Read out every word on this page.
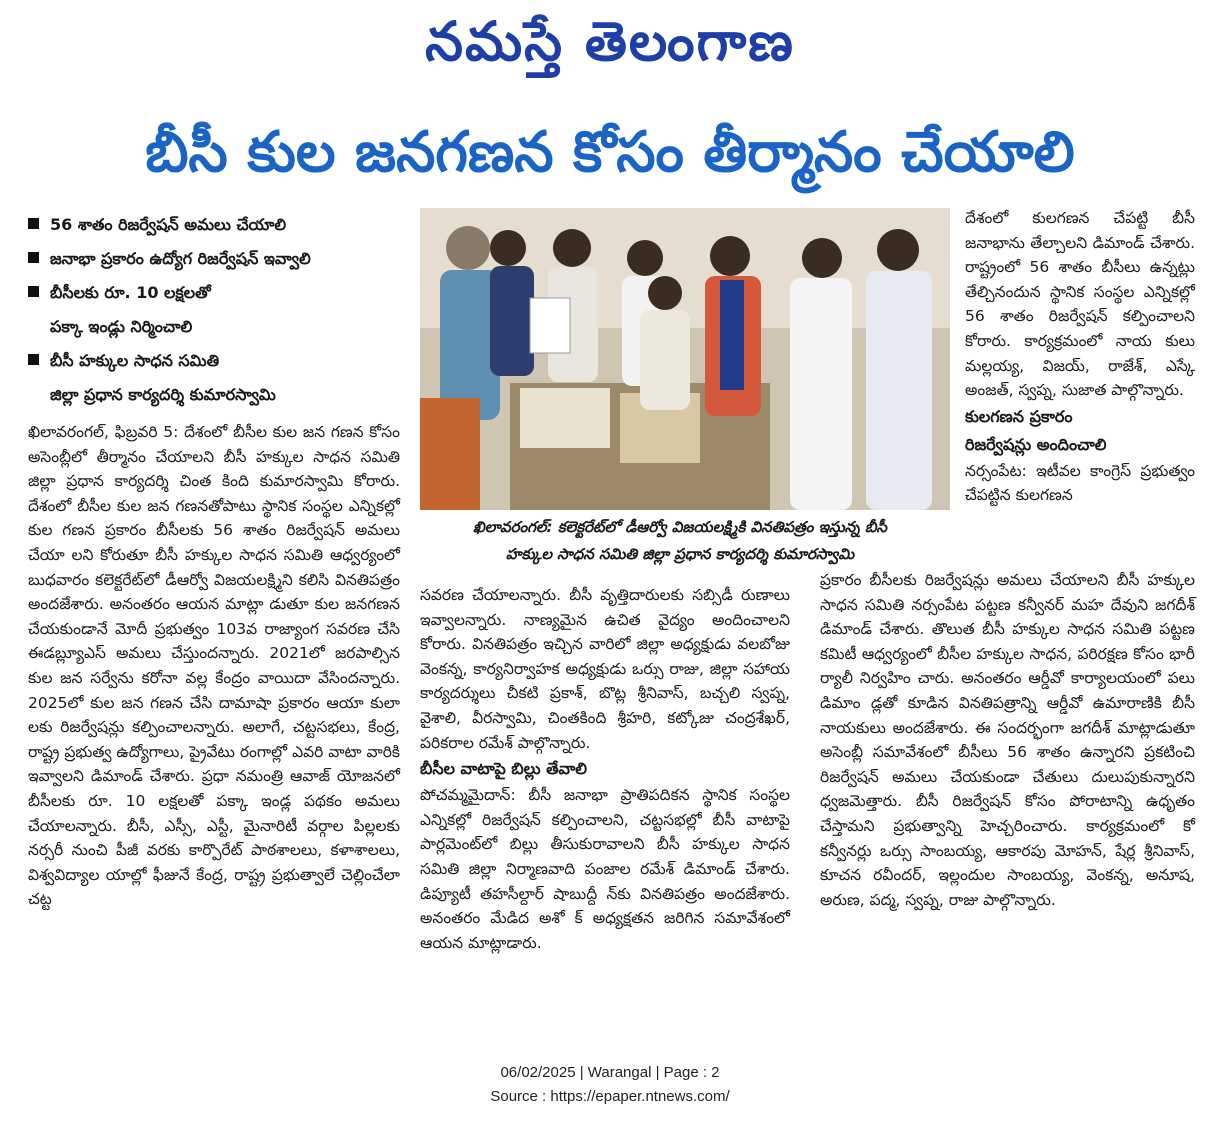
నమస్తే తెలంగాణ
బీసీ కుల జనగణన కోసం తీర్మానం చేయాలి
56 శాతం రిజర్వేషన్ అమలు చేయాలి
జనాభా ప్రకారం ఉద్యోగ రిజర్వేషన్ ఇవ్వాలి
బీసీలకు రూ. 10 లక్షలతో
పక్కా ఇండ్లు నిర్మించాలి
బీసీ హక్కుల సాధన సమితి
జిల్లా ప్రధాన కార్యదర్శి కుమారస్వామి

ఖిలావరంగల్, ఫిబ్రవరి 5: దేశంలో బీసీల కుల జన గణన కోసం అసెంబ్లీలో తీర్మానం చేయాలని బీసీ హక్కుల సాధన సమితి జిల్లా ప్రధాన కార్యదర్శి చింత కింది కుమారస్వామి కోరారు. దేశంలో బీసీల కుల జన గణనతోపాటు స్థానిక సంస్థల ఎన్నికల్లో కుల గణన ప్రకారం బీసీలకు 56 శాతం రిజర్వేషన్ అమలు చేయా లని కోరుతూ బీసీ హక్కుల సాధన సమితి ఆధ్వర్యంలో బుధవారం కలెక్టరేట్‌లో డీఆర్వో విజయలక్ష్మిని కలిసి వినతిపత్రం అందజేశారు. అనంతరం ఆయన మాట్లా డుతూ కుల జనగణన చేయకుండానే మోదీ ప్రభుత్వం 103వ రాజ్యాంగ సవరణ చేసి ఈడబ్ల్యూఎస్ అమలు చేస్తుందన్నారు. 2021లో జరపాల్సిన కుల జన సర్వేను కరోనా వల్ల కేంద్రం వాయిదా వేసిందన్నారు. 2025లో కుల జన గణన చేసి దామాషా ప్రకారం ఆయా కులా లకు రిజర్వేషన్లు కల్పించాలన్నారు. అలాగే, చట్టసభలు, కేంద్ర, రాష్ట్ర ప్రభుత్వ ఉద్యోగాలు, ప్రైవేటు రంగాల్లో ఎవరి వాటా వారికి ఇవ్వాలని డిమాండ్ చేశారు. ప్రధా నమంత్రి ఆవాజ్ యోజనలో బీసీలకు రూ. 10 లక్షలతో పక్కా ఇండ్ల పథకం అమలు చేయాలన్నారు. బీసీ, ఎస్సీ, ఎస్టీ, మైనారిటీ వర్గాల పిల్లలకు నర్సరీ నుంచి పీజీ వరకు కార్పొరేట్ పాఠశాలలు, కళాశాలలు, విశ్వవిద్యాల యాల్లో ఫీజునే కేంద్ర, రాష్ట్ర ప్రభుత్వాలే చెల్లించేలా చట్ట

ఖిలావరంగల్: కలెక్టరేట్‌లో డీఆర్వో విజయలక్ష్మికి వినతిపత్రం ఇస్తున్న బీసీ
హక్కుల సాధన సమితి జిల్లా ప్రధాన కార్యదర్శి కుమారస్వామి

సవరణ చేయాలన్నారు. బీసీ వృత్తిదారులకు సబ్సిడీ రుణాలు ఇవ్వాలన్నారు. నాణ్యమైన ఉచిత వైద్యం అందించాలని కోరారు. వినతిపత్రం ఇచ్చిన వారిలో జిల్లా అధ్యక్షుడు వలబోజు వెంకన్న, కార్యనిర్వాహక అధ్యక్షుడు ఒర్సు రాజు, జిల్లా సహాయ కార్యదర్శులు చీకటి ప్రకాశ్, బొట్ల శ్రీనివాస్, బచ్చలి స్వప్న, వైశాలి, వీరస్వామి, చింతకింది శ్రీహరి, కట్కోజు చంద్రశేఖర్, పరికరాల రమేశ్ పాల్గొన్నారు.

బీసీల వాటాపై బిల్లు తేవాలి

పోచమ్మమైదాన్: బీసీ జనాభా ప్రాతిపదికన స్థానిక సంస్థల ఎన్నికల్లో రిజర్వేషన్ కల్పించాలని, చట్టసభల్లో బీసీ వాటాపై పార్లమెంట్‌లో బిల్లు తీసుకురావాలని బీసీ హక్కుల సాధన సమితి జిల్లా నిర్మాణవాది పంజాల రమేశ్ డిమాండ్ చేశారు. డిప్యూటీ తహసీల్దార్ షాబుద్దీ న్‌కు వినతిపత్రం అందజేశారు. అనంతరం మేడిద అశో క్ అధ్యక్షతన జరిగిన సమావేశంలో ఆయన మాట్లాడారు.

దేశంలో కులగణన చేపట్టి బీసీ జనాభాను తేల్చాలని డిమాండ్ చేశారు. రాష్ట్రంలో 56 శాతం బీసీలు ఉన్నట్లు తేల్చినందున స్థానిక సంస్థల ఎన్నికల్లో 56 శాతం రిజర్వేషన్ కల్పించాలని కోరారు. కార్యక్రమంలో నాయ కులు మల్లయ్య, విజయ్, రాజేశ్, ఎస్కే అంజత్, స్వప్న, సుజాత పాల్గొన్నారు.

కులగణన ప్రకారం
రిజర్వేషన్లు అందించాలి

నర్సంపేట: ఇటీవల కాంగ్రెస్ ప్రభుత్వం చేపట్టిన కులగణన

ప్రకారం బీసీలకు రిజర్వేషన్లు అమలు చేయాలని బీసీ హక్కుల సాధన సమితి నర్సంపేట పట్టణ కన్వీనర్ మహ దేవుని జగదీశ్ డిమాండ్ చేశారు. తొలుత బీసీ హక్కుల సాధన సమితి పట్టణ కమిటీ ఆధ్వర్యంలో బీసీల హక్కుల సాధన, పరిరక్షణ కోసం భారీ ర్యాలీ నిర్వహిం చారు. అనంతరం ఆర్డీవో కార్యాలయంలో పలు డిమాం డ్లతో కూడిన వినతిపత్రాన్ని ఆర్డీవో ఉమారాణికి బీసీ నాయకులు అందజేశారు. ఈ సందర్భంగా జగదీశ్ మాట్లాడుతూ అసెంబ్లీ సమావేశంలో బీసీలు 56 శాతం ఉన్నారని ప్రకటించి రిజర్వేషన్ అమలు చేయకుండా చేతులు దులుపుకున్నారని ధ్వజమెత్తారు. బీసీ రిజర్వేషన్ కోసం పోరాటాన్ని ఉధృతం చేస్తామని ప్రభుత్వాన్ని హెచ్చరించారు. కార్యక్రమంలో కో కన్వీనర్లు ఒర్సు సాంబయ్య, ఆకారపు మోహన్, షేర్ల శ్రీనివాస్, కూచన రవీందర్, ఇల్లందుల సాంబయ్య, వెంకన్న, అనూష, అరుణ, పద్మ, స్వప్న, రాజు పాల్గొన్నారు.

06/02/2025 | Warangal | Page : 2
Source : https://epaper.ntnews.com/
